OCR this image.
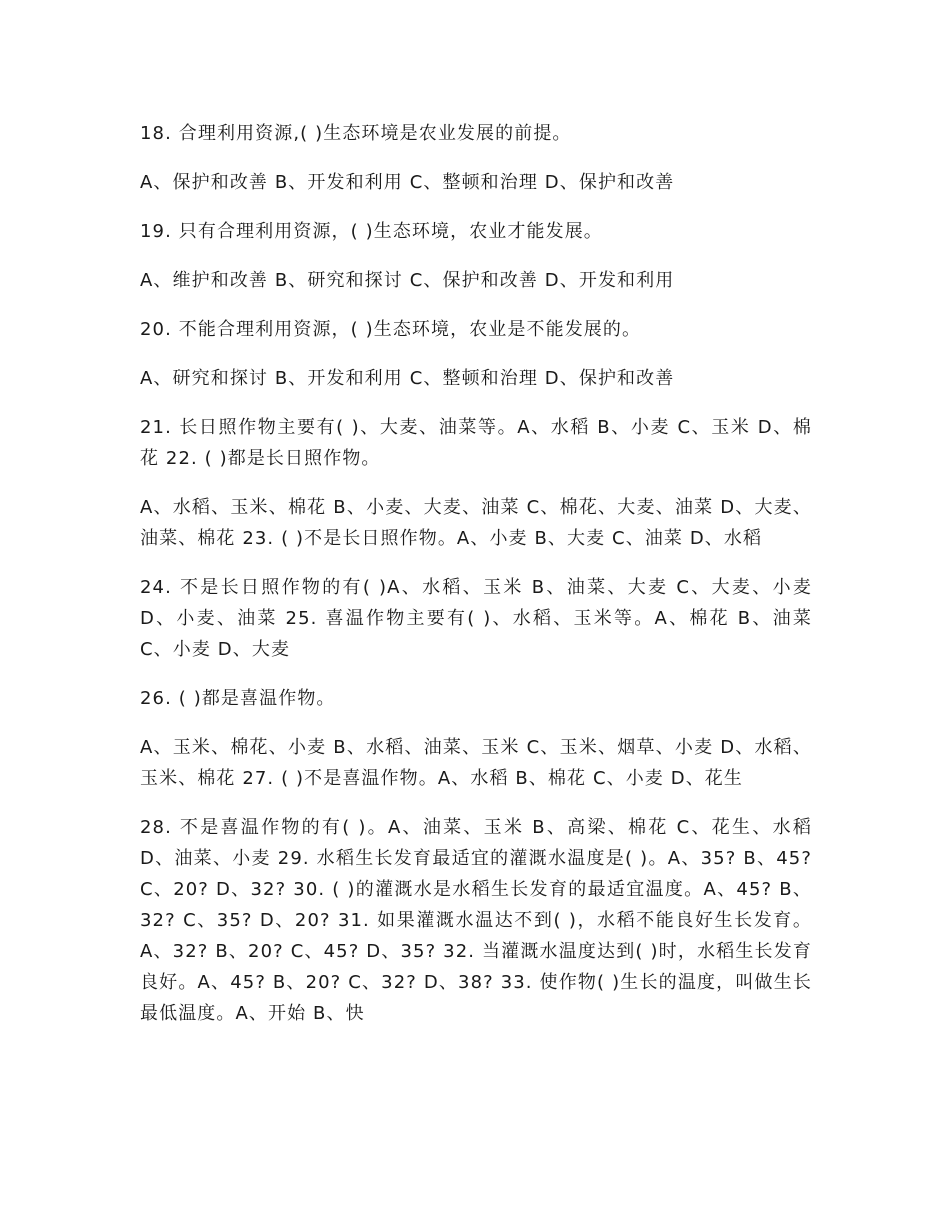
18. 合理利用资源,( )生态环境是农业发展的前提。

A、保护和改善 B、开发和利用 C、整顿和治理 D、保护和改善

19. 只有合理利用资源，( )生态环境，农业才能发展。

A、维护和改善 B、研究和探讨 C、保护和改善 D、开发和利用

20. 不能合理利用资源，( )生态环境，农业是不能发展的。

A、研究和探讨 B、开发和利用 C、整顿和治理 D、保护和改善

21. 长日照作物主要有( )、大麦、油菜等。A、水稻 B、小麦 C、玉米 D、棉花 22. ( )都是长日照作物。

A、水稻、玉米、棉花 B、小麦、大麦、油菜 C、棉花、大麦、油菜 D、大麦、油菜、棉花 23. ( )不是长日照作物。A、小麦 B、大麦 C、油菜 D、水稻

24. 不是长日照作物的有( )A、水稻、玉米 B、油菜、大麦 C、大麦、小麦 D、小麦、油菜 25. 喜温作物主要有( )、水稻、玉米等。A、棉花 B、油菜 C、小麦 D、大麦

26. ( )都是喜温作物。

A、玉米、棉花、小麦 B、水稻、油菜、玉米 C、玉米、烟草、小麦 D、水稻、玉米、棉花 27. ( )不是喜温作物。A、水稻 B、棉花 C、小麦 D、花生

28. 不是喜温作物的有( )。A、油菜、玉米 B、高梁、棉花 C、花生、水稻 D、油菜、小麦 29. 水稻生长发育最适宜的灌溉水温度是( )。A、35? B、45? C、20? D、32? 30. ( )的灌溉水是水稻生长发育的最适宜温度。A、45? B、32? C、35? D、20? 31. 如果灌溉水温达不到( )，水稻不能良好生长发育。A、32? B、20? C、45? D、35? 32. 当灌溉水温度达到( )时，水稻生长发育良好。A、45? B、20? C、32? D、38? 33. 使作物( )生长的温度，叫做生长最低温度。A、开始 B、快
